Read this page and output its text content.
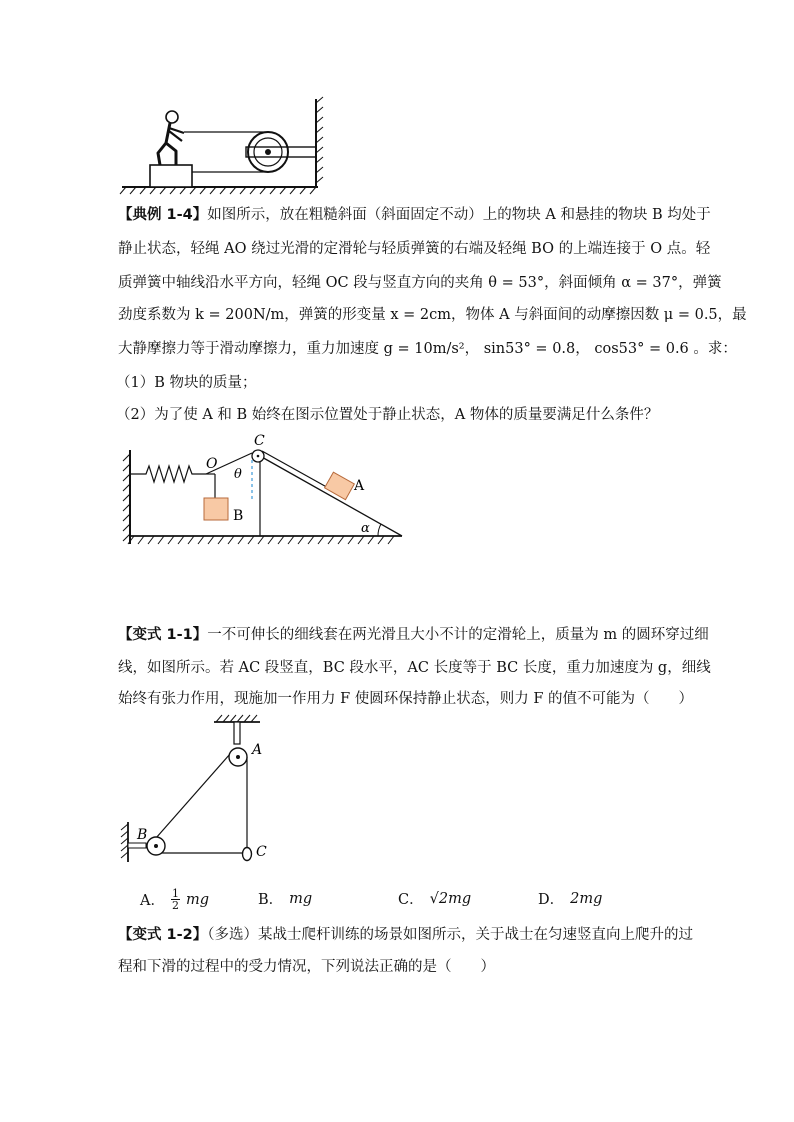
【典例 1-4】如图所示，放在粗糙斜面（斜面固定不动）上的物块 A 和悬挂的物块 B 均处于
静止状态，轻绳 AO 绕过光滑的定滑轮与轻质弹簧的右端及轻绳 BO 的上端连接于 O 点。轻
质弹簧中轴线沿水平方向，轻绳 OC 段与竖直方向的夹角 θ = 53°，斜面倾角 α = 37°，弹簧
劲度系数为 k = 200N/m，弹簧的形变量 x = 2cm，物体 A 与斜面间的动摩擦因数 μ = 0.5，最
大静摩擦力等于滑动摩擦力，重力加速度 g = 10m/s²， sin53° = 0.8， cos53° = 0.6 。求：
（1）B 物块的质量；
（2）为了使 A 和 B 始终在图示位置处于静止状态，A 物体的质量要满足什么条件？
C
O
θ
A
B
α
【变式 1-1】一不可伸长的细线套在两光滑且大小不计的定滑轮上，质量为 m 的圆环穿过细
线，如图所示。若 AC 段竖直，BC 段水平，AC 长度等于 BC 长度，重力加速度为 g，细线
始终有张力作用，现施加一作用力 F 使圆环保持静止状态，则力 F 的值不可能为（　　）
A
B
C
A． $\frac{1}{2}$ mg	B． mg	C． √2mg	D． 2mg
【变式 1-2】（多选）某战士爬杆训练的场景如图所示，关于战士在匀速竖直向上爬升的过
程和下滑的过程中的受力情况，下列说法正确的是（　　）
